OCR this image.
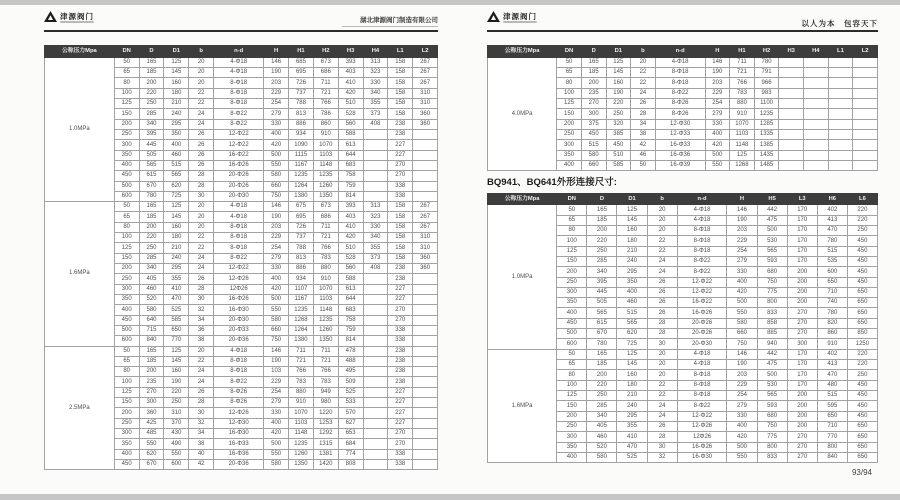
津源阀门	湖北津源阀门制造有限公司
公称压力Mpa	DN	D	D1	b	n-d	H	H1	H2	H3	H4	L1	L2
1.0MPa	50	165	125	20	4-Φ18	146	685	673	393	313	158	267
	65	185	145	20	4-Φ18	190	695	686	403	323	158	267
	80	200	160	20	8-Φ18	203	726	711	410	330	158	267
	100	220	180	22	8-Φ18	229	737	721	420	340	158	310
	125	250	210	22	8-Φ18	254	788	766	510	355	158	310
	150	285	240	24	8-Φ22	279	813	786	528	373	158	360
	200	340	295	24	8-Φ22	330	886	860	560	408	238	360
	250	395	350	26	12-Φ22	400	934	910	588		238	
	300	445	400	26	12-Φ22	420	1090	1070	613		227	
	350	505	460	26	16-Φ22	500	1115	1103	644		227	
	400	565	515	26	16-Φ26	550	1167	1148	683		270	
	450	615	565	28	20-Φ26	580	1235	1235	758		270	
	500	670	620	28	20-Φ26	660	1264	1260	759		338	
	600	780	725	30	20-Φ30	750	1380	1350	814		338	
1.6MPa	50	165	125	20	4-Φ18	146	675	673	393	313	158	267
	65	185	145	20	4-Φ18	190	695	686	403	323	158	267
	80	200	160	20	8-Φ18	203	726	711	410	330	158	267
	100	220	180	22	8-Φ18	229	737	721	420	340	158	310
	125	250	210	22	8-Φ18	254	788	766	510	355	158	310
	150	285	240	24	8-Φ22	279	813	783	528	373	158	360
	200	340	295	24	12-Φ22	330	886	880	560	408	238	360
	250	405	355	26	12-Φ26	400	934	910	588		238	
	300	460	410	28	12Φ26	420	1107	1070	613		227	
	350	520	470	30	16-Φ26	500	1167	1103	644		227	
	400	580	525	32	16-Φ30	550	1235	1148	683		270	
	450	640	585	34	20-Φ30	580	1268	1235	758		270	
	500	715	650	36	20-Φ33	660	1264	1260	759		338	
	600	840	770	38	20-Φ36	750	1380	1350	814		338	
2.5MPa	50	165	125	20	4-Φ18	146	711	711	478		238	
	65	185	145	22	8-Φ18	190	721	721	488		238	
	80	200	160	24	8-Φ18	103	766	766	495		238	
	100	235	190	24	8-Φ22	229	783	783	509		238	
	125	270	220	26	8-Φ26	254	880	949	525		227	
	150	300	250	28	8-Φ26	279	910	980	533		227	
	200	360	310	30	12-Φ26	330	1070	1220	570		227	
	250	425	370	32	12-Φ30	400	1103	1253	627		227	
	300	485	430	34	16-Φ30	420	1148	1292	653		270	
	350	550	490	38	16-Φ33	500	1235	1315	684		270	
	400	620	550	40	16-Φ36	550	1260	1381	774		338	
	450	670	600	42	20-Φ36	580	1350	1420	808		338	
津源阀门
以人为本　包容天下
公称压力Mpa	DN	D	D1	b	n-d	H	H1	H2	H3	H4	L1	L2
4.0MPa	50	165	125	20	4-Φ18	146	711	780				
	65	185	145	22	8-Φ18	190	721	791				
	80	200	160	22	8-Φ18	203	766	966				
	100	235	190	24	8-Φ22	229	783	983				
	125	270	220	26	8-Φ26	254	880	1100				
	150	300	250	28	8-Φ26	279	910	1235				
	200	375	320	34	12-Φ30	330	1070	1285				
	250	450	385	38	12-Φ33	400	1103	1335				
	300	515	450	42	16-Φ33	420	1148	1385				
	350	580	510	46	16-Φ36	500	125	1435				
	400	660	585	50	16-Φ39	550	1268	1485				
BQ941、BQ641外形连接尺寸:
公称压力Mpa	DN	D	D1	b	n-d	H	H5	L3	H6	L6
1.0MPa	50	165	125	20	4-Φ18	146	442	170	402	220
	65	185	145	20	4-Φ18	190	475	170	413	220
	80	200	160	20	8-Φ18	203	500	170	470	250
	100	220	180	22	8-Φ18	229	530	170	780	450
	125	250	210	22	8-Φ18	254	565	170	515	450
	150	285	240	24	8-Φ22	279	593	170	535	450
	200	340	295	24	8-Φ22	330	680	200	600	450
	250	395	350	26	12-Φ22	400	750	200	650	450
	300	445	400	26	12-Φ22	420	775	200	710	650
	350	505	460	26	16-Φ22	500	800	200	740	650
	400	565	515	26	16-Φ26	550	833	270	780	650
	450	615	565	28	20-Φ26	580	858	270	820	650
	500	670	620	28	20-Φ26	660	885	270	860	850
	600	780	725	30	20-Φ30	750	940	300	910	1250
1.6MPa	50	165	125	20	4-Φ18	146	442	170	402	220
	65	185	145	20	4-Φ18	190	475	170	413	220
	80	200	160	20	8-Φ18	203	500	170	470	250
	100	220	180	22	8-Φ18	229	530	170	480	450
	125	250	210	22	8-Φ18	254	565	200	515	450
	150	285	240	24	8-Φ22	279	593	200	595	450
	200	340	295	24	12-Φ22	330	680	200	650	450
	250	405	355	26	12-Φ26	400	750	200	710	650
	300	460	410	28	12Φ26	420	775	270	770	650
	350	520	470	30	16-Φ26	500	800	270	800	650
	400	580	525	32	16-Φ30	550	833	270	840	650
93/94
